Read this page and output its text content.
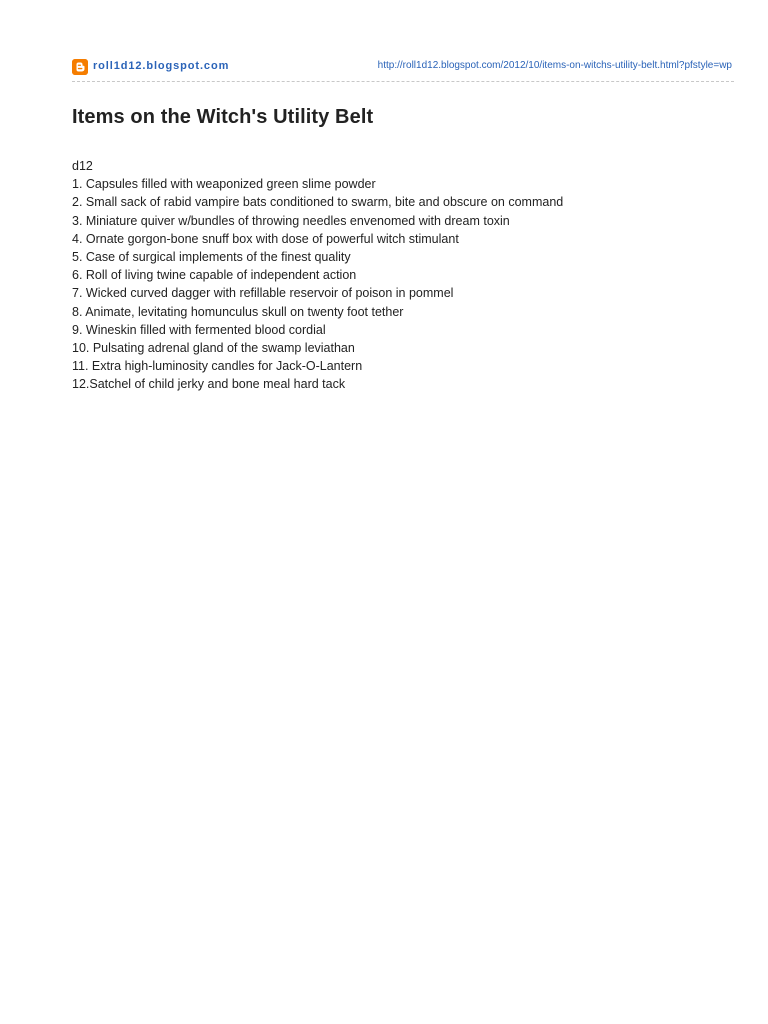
roll1d12.blogspot.com	http://roll1d12.blogspot.com/2012/10/items-on-witchs-utility-belt.html?pfstyle=wp
Items on the Witch's Utility Belt
d12
1. Capsules filled with weaponized green slime powder
2. Small sack of rabid vampire bats conditioned to swarm, bite and obscure on command
3. Miniature quiver w/bundles of throwing needles envenomed with dream toxin
4. Ornate gorgon-bone snuff box with dose of powerful witch stimulant
5. Case of surgical implements of the finest quality
6. Roll of living twine capable of independent action
7. Wicked curved dagger with refillable reservoir of poison in pommel
8. Animate, levitating homunculus skull on twenty foot tether
9. Wineskin filled with fermented blood cordial
10. Pulsating adrenal gland of the swamp leviathan
11. Extra high-luminosity candles for Jack-O-Lantern
12.Satchel of child jerky and bone meal hard tack
